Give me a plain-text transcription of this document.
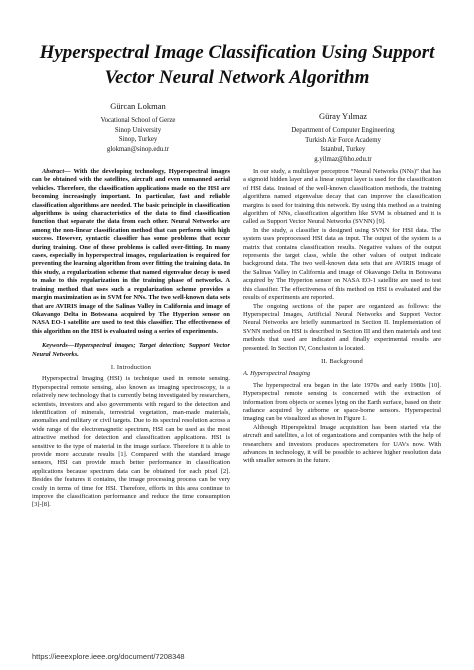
Hyperspectral Image Classification Using Support Vector Neural Network Algorithm
Gürcan Lokman
Vocational School of Gerze
Sinop University
Sinop, Turkey
glokman@sinop.edu.tr
Güray Yılmaz
Department of Computer Engineering
Turkish Air Force Academy
Istanbul, Turkey
g.yilmaz@hho.edu.tr

Abstract— With the developing technology, Hyperspectral images can be obtained with the satellites, aircraft and even unmanned aerial vehicles. Therefore, the classification applications made on the HSI are becoming increasingly important. In particular, fast and reliable classification algorithms are needed. The basic principle in classification algorithms is using characteristics of the data to find classification function that separate the data from each other. Neural Networks are among the non-linear classification method that can perform with high success. However, syntactic classifier has some problems that occur during training. One of these problems is called over-fitting. In many cases, especially in hyperspectral images, regularization is required for preventing the learning algorithm from over fitting the training data. In this study, a regularization scheme that named eigenvalue decay is used to make to this regularization in the training phase of networks. A training method that uses such a regularization scheme provides a margin maximization as in SVM for NNs. The two well-known data sets that are AVIRIS image of the Salinas Valley in California and image of Okavango Delta in Botswana acquired by The Hyperion sensor on NASA EO-1 satellite are used to test this classifier. The effectiveness of this algorithm on the HSI is evaluated using a series of experiments.

Keywords—Hyperspectral images; Target detection; Support Vector Neural Networks.

I. Introduction

Hyperspectral Imaging (HSI) is technique used in remote sensing. Hyperspectral remote sensing, also known as imaging spectroscopy, is a relatively new technology that is currently being investigated by researchers, scientists, investors and also governments with regard to the detection and identification of minerals, terrestrial vegetation, man-made materials, anomalies and military or civil targets. Due to its spectral resolution across a wide range of the electromagnetic spectrum, HSI can be used as the most attractive method for detection and classification applications. HSI is sensitive to the type of material in the image surface. Therefore it is able to provide more accurate results [1]. Compared with the standard image sensors, HSI can provide much better performance in classification applications because spectrum data can be obtained for each pixel [2]. Besides the features it contains, the image processing process can be very costly in terms of time for HSI. Therefore, efforts in this area continue to improve the classification performance and reduce the time consumption [3]-[8].

In our study, a multilayer perceptron “Neural Networks (NNs)” that has a sigmoid hidden layer and a linear output layer is used for the classification of HSI data. Instead of the well-known classification methods, the training algorithms named eigenvalue decay that can improve the classification margins is used for training this network. By using this method as a training algorithm of NNs, classification algorithm like SVM is obtained and it is called as Support Vector Neural Networks (SVNN) [9].

In the study, a classifier is designed using SVNN for HSI data. The system uses preprocessed HSI data as input. The output of the system is a matrix that contains classification results. Negative values of the output represents the target class, while the other values of output indicate background data. The two well-known data sets that are AVIRIS image of the Salinas Valley in California and image of Okavango Delta in Botswana acquired by The Hyperion sensor on NASA EO-1 satellite are used to test this classifier. The effectiveness of this method on HSI is evaluated and the results of experiments are reported.

The ongoing sections of the paper are organized as follows: the Hyperspectral Images, Artificial Neural Networks and Support Vector Neural Networks are briefly summarized in Section II. Implementation of SVNN method on HSI is described in Section III and then materials and test methods that used are indicated and finally experimental results are presented. In Section IV, Conclusion is located.

II. Background
A. Hyperspectral Imaging

The hyperspectral era began in the late 1970s and early 1980s [10]. Hyperspectral remote sensing is concerned with the extraction of information from objects or scenes lying on the Earth surface, based on their radiance acquired by airborne or space-borne sensors. Hyperspectral imaging can be visualized as shown in Figure 1.

Although Hiperspektral Image acquisition has been started via the aircraft and satellites, a lot of organizations and companies with the help of researchers and investors produces spectrometers for UAVs now. With advances in technology, it will be possible to achieve higher resolution data with smaller sensors in the future.

https://ieeexplore.ieee.org/document/7208348
